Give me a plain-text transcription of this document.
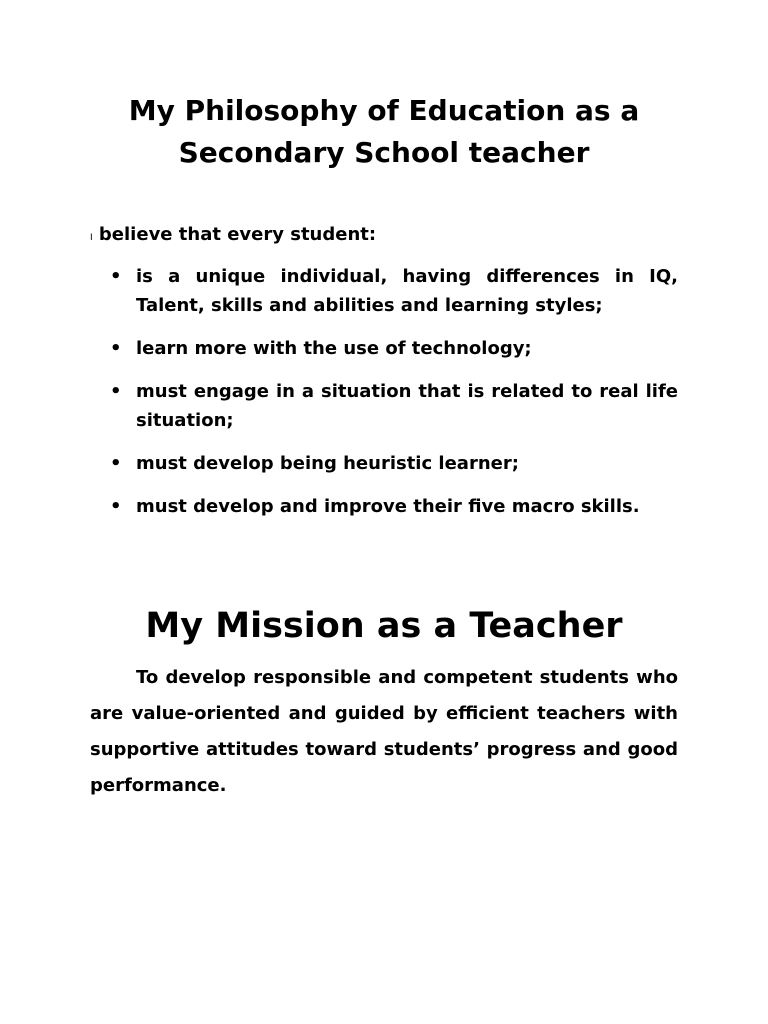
My Philosophy of Education as a Secondary School teacher

I believe that every student:

• is a unique individual, having differences in IQ, Talent, skills and abilities and learning styles;
• learn more with the use of technology;
• must engage in a situation that is related to real life situation;
• must develop being heuristic learner;
• must develop and improve their five macro skills.
My Mission as a Teacher

To develop responsible and competent students who are value-oriented and guided by efficient teachers with supportive attitudes toward students’ progress and good performance.
